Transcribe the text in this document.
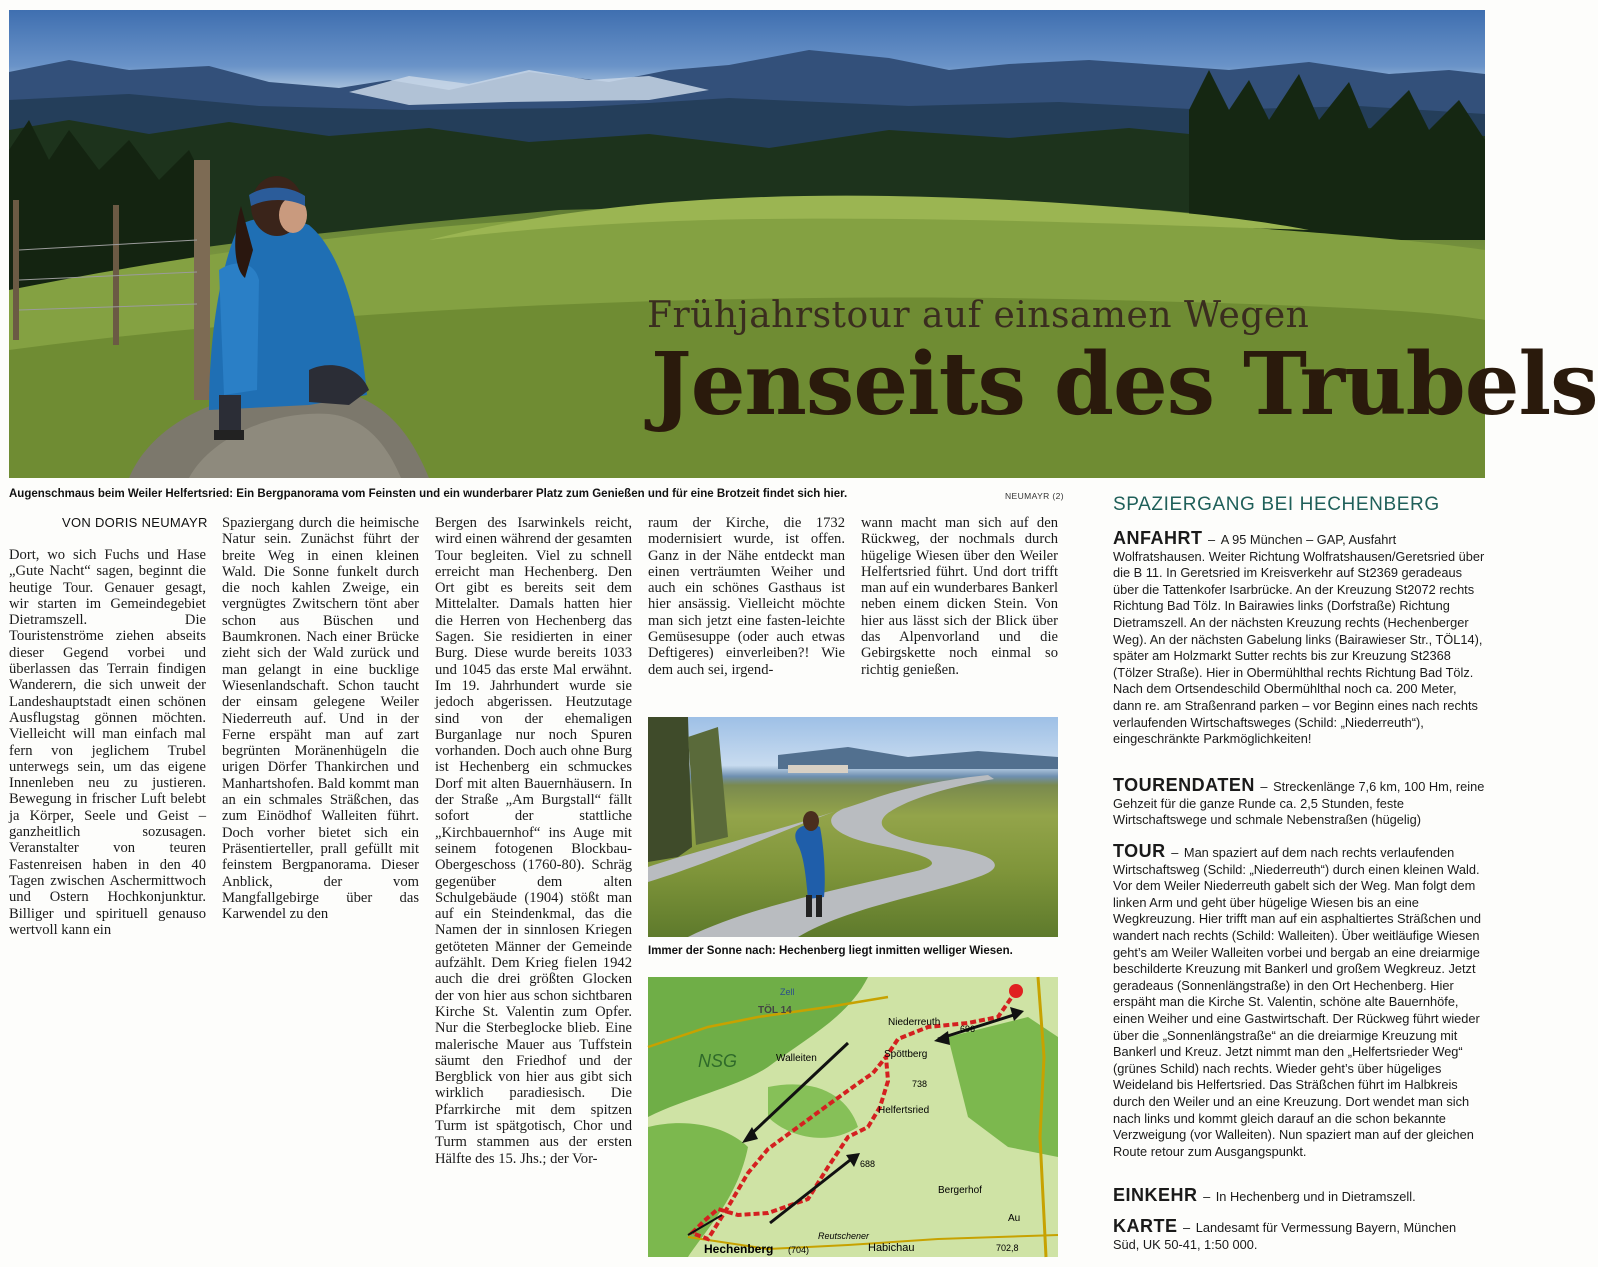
Frühjahrstour auf einsamen Wegen
Jenseits des Trubels
Augenschmaus beim Weiler Helfertsried: Ein Bergpanorama vom Feinsten und ein wunderbarer Platz zum Genießen und für eine Brotzeit findet sich hier.	NEUMAYR (2)
VON DORIS NEUMAYR

Dort, wo sich Fuchs und Hase „Gute Nacht“ sagen, beginnt die heutige Tour. Genauer gesagt, wir starten im Gemeindegebiet Dietramszell. Die Touristenströme ziehen abseits dieser Gegend vorbei und überlassen das Terrain findigen Wanderern, die sich unweit der Landeshauptstadt einen schönen Ausflugstag gönnen möchten. Vielleicht will man einfach mal fern von jeglichem Trubel unterwegs sein, um das eigene Innenleben neu zu justieren. Bewegung in frischer Luft belebt ja Körper, Seele und Geist – ganzheitlich sozusagen. Veranstalter von teuren Fastenreisen haben in den 40 Tagen zwischen Aschermittwoch und Ostern Hochkonjunktur. Billiger und spirituell genauso wertvoll kann ein

Spaziergang durch die heimische Natur sein. Zunächst führt der breite Weg in einen kleinen Wald. Die Sonne funkelt durch die noch kahlen Zweige, ein vergnügtes Zwitschern tönt aber schon aus Büschen und Baumkronen. Nach einer Brücke zieht sich der Wald zurück und man gelangt in eine bucklige Wiesenlandschaft. Schon taucht der einsam gelegene Weiler Niederreuth auf. Und in der Ferne erspäht man auf zart begrünten Moränenhügeln die urigen Dörfer Thankirchen und Manhartshofen. Bald kommt man an ein schmales Sträßchen, das zum Einödhof Walleiten führt. Doch vorher bietet sich ein Präsentierteller, prall gefüllt mit feinstem Bergpanorama. Dieser Anblick, der vom Mangfallgebirge über das Karwendel zu den

Bergen des Isarwinkels reicht, wird einen während der gesamten Tour begleiten. Viel zu schnell erreicht man Hechenberg. Den Ort gibt es bereits seit dem Mittelalter. Damals hatten hier die Herren von Hechenberg das Sagen. Sie residierten in einer Burg. Diese wurde bereits 1033 und 1045 das erste Mal erwähnt. Im 19. Jahrhundert wurde sie jedoch abgerissen. Heutzutage sind von der ehemaligen Burganlage nur noch Spuren vorhanden. Doch auch ohne Burg ist Hechenberg ein schmuckes Dorf mit alten Bauernhäusern. In der Straße „Am Burgstall“ fällt sofort der stattliche „Kirchbauernhof“ ins Auge mit seinem fotogenen Blockbau-Obergeschoss (1760-80). Schräg gegenüber dem alten Schulgebäude (1904) stößt man auf ein Steindenkmal, das die Namen der in sinnlosen Kriegen getöteten Männer der Gemeinde aufzählt. Dem Krieg fielen 1942 auch die drei größten Glocken der von hier aus schon sichtbaren Kirche St. Valentin zum Opfer. Nur die Sterbeglocke blieb. Eine malerische Mauer aus Tuffstein säumt den Friedhof und der Bergblick von hier aus gibt sich wirklich paradiesisch. Die Pfarrkirche mit dem spitzen Turm ist spätgotisch, Chor und Turm stammen aus der ersten Hälfte des 15. Jhs.; der Vor-

raum der Kirche, die 1732 modernisiert wurde, ist offen. Ganz in der Nähe entdeckt man einen verträumten Weiher und auch ein schönes Gasthaus ist hier ansässig. Vielleicht möchte man sich jetzt eine fasten-leichte Gemüsesuppe (oder auch etwas Deftigeres) einverleiben?! Wie dem auch sei, irgend-

wann macht man sich auf den Rückweg, der nochmals durch hügelige Wiesen über den Weiler Helfertsried führt. Und dort trifft man auf ein wunderbares Bankerl neben einem dicken Stein. Von hier aus lässt sich der Blick über das Alpenvorland und die Gebirgskette noch einmal so richtig genießen.

Immer der Sonne nach: Hechenberg liegt inmitten welliger Wiesen.
Niederreuth
696
TÖL 14
NSG	Walleiten	Spöttberg
738
Helfertsried
688
Bergerhof
Hechenberg (704)
Reutschener
Habichau
Au
702,8
Zell
SPAZIERGANG BEI HECHENBERG
ANFAHRT – A 95 München – GAP, Ausfahrt Wolfratshausen. Weiter Richtung Wolfratshausen/Geretsried über die B 11. In Geretsried im Kreisverkehr auf St2369 geradeaus über die Tattenkofer Isarbrücke. An der Kreuzung St2072 rechts Richtung Bad Tölz. In Bairawies links (Dorfstraße) Richtung Dietramszell. An der nächsten Kreuzung rechts (Hechenberger Weg). An der nächsten Gabelung links (Bairawieser Str., TÖL14), später am Holzmarkt Sutter rechts bis zur Kreuzung St2368 (Tölzer Straße). Hier in Obermühlthal rechts Richtung Bad Tölz. Nach dem Ortsendeschild Obermühlthal noch ca. 200 Meter, dann re. am Straßenrand parken – vor Beginn eines nach rechts verlaufenden Wirtschaftsweges (Schild: „Niederreuth“), eingeschränkte Parkmöglichkeiten!
TOURENDATEN – Streckenlänge 7,6 km, 100 Hm, reine Gehzeit für die ganze Runde ca. 2,5 Stunden, feste Wirtschaftswege und schmale Nebenstraßen (hügelig)
TOUR – Man spaziert auf dem nach rechts verlaufenden Wirtschaftsweg (Schild: „Niederreuth“) durch einen kleinen Wald. Vor dem Weiler Niederreuth gabelt sich der Weg. Man folgt dem linken Arm und geht über hügelige Wiesen bis an eine Wegkreuzung. Hier trifft man auf ein asphaltiertes Sträßchen und wandert nach rechts (Schild: Walleiten). Über weitläufige Wiesen geht’s am Weiler Walleiten vorbei und bergab an eine dreiarmige beschilderte Kreuzung mit Bankerl und großem Wegkreuz. Jetzt geradeaus (Sonnenlängstraße) in den Ort Hechenberg. Hier erspäht man die Kirche St. Valentin, schöne alte Bauernhöfe, einen Weiher und eine Gastwirtschaft. Der Rückweg führt wieder über die „Sonnenlängstraße“ an die dreiarmige Kreuzung mit Bankerl und Kreuz. Jetzt nimmt man den „Helfertsrieder Weg“ (grünes Schild) nach rechts. Wieder geht’s über hügeliges Weideland bis Helfertsried. Das Sträßchen führt im Halbkreis durch den Weiler und an eine Kreuzung. Dort wendet man sich nach links und kommt gleich darauf an die schon bekannte Verzweigung (vor Walleiten). Nun spaziert man auf der gleichen Route retour zum Ausgangspunkt.
EINKEHR – In Hechenberg und in Dietramszell.
KARTE – Landesamt für Vermessung Bayern, München Süd, UK 50-41, 1:50 000.
